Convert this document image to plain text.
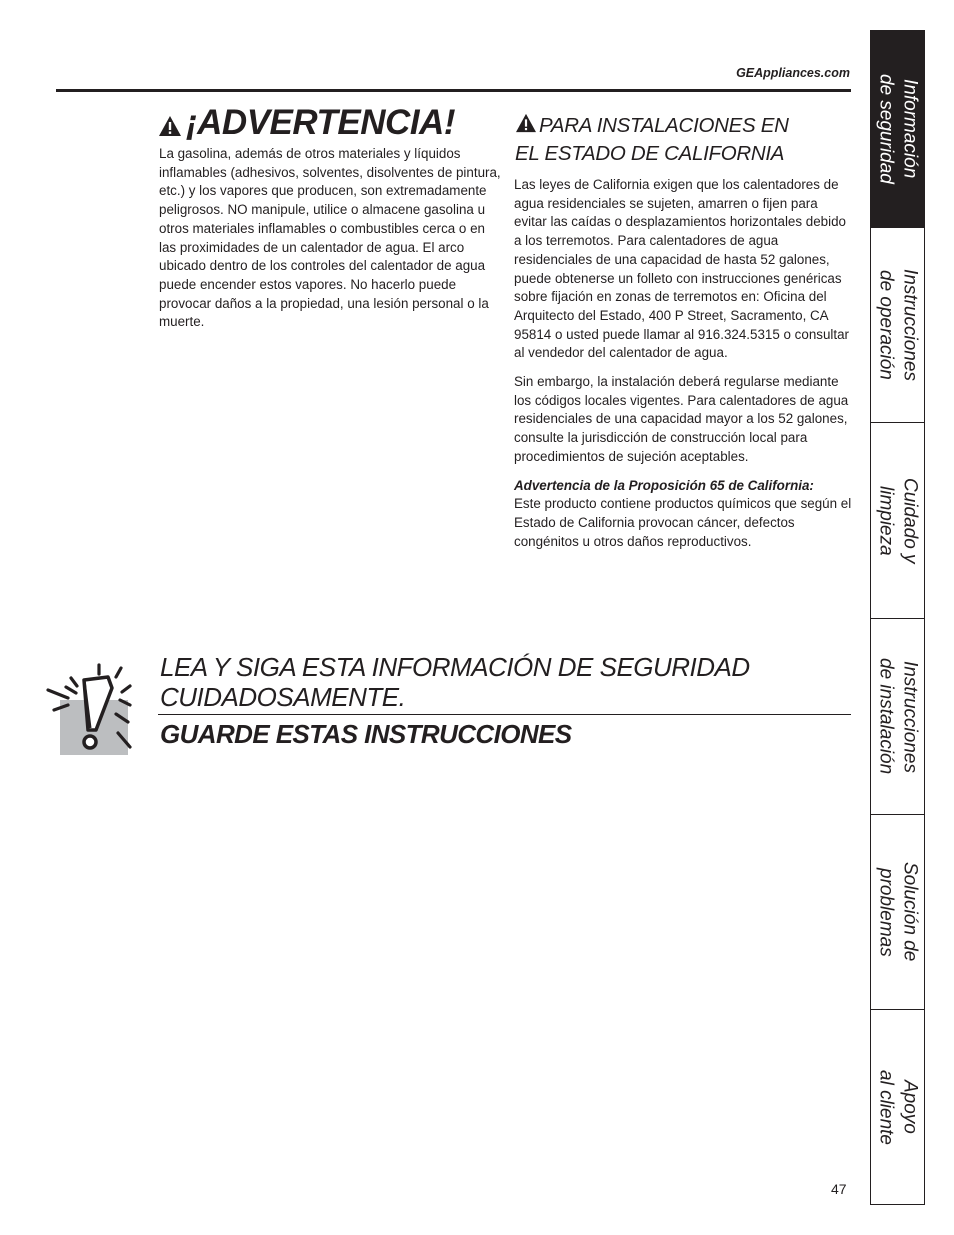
GEAppliances.com
¡ADVERTENCIA!
La gasolina, además de otros materiales y líquidos inflamables (adhesivos, solventes, disolventes de pintura, etc.) y los vapores que producen, son extremadamente peligrosos. NO manipule, utilice o almacene gasolina u otros materiales inflamables o combustibles cerca o en las proximidades de un calentador de agua. El arco ubicado dentro de los controles del calentador de agua puede encender estos vapores. No hacerlo puede provocar daños a la propiedad, una lesión personal o la muerte.
PARA INSTALACIONES EN
EL ESTADO DE CALIFORNIA

Las leyes de California exigen que los calentadores de agua residenciales se sujeten, amarren o fijen para evitar las caídas o desplazamientos horizontales debido a los terremotos. Para calentadores de agua residenciales de una capacidad de hasta 52 galones, puede obtenerse un folleto con instrucciones genéricas sobre fijación en zonas de terremotos en: Oficina del Arquitecto del Estado, 400 P Street, Sacramento, CA 95814 o usted puede llamar al 916.324.5315 o consultar al vendedor del calentador de agua.

Sin embargo, la instalación deberá regularse mediante los códigos locales vigentes. Para calentadores de agua residenciales de una capacidad mayor a los 52 galones, consulte la jurisdicción de construcción local para procedimientos de sujeción aceptables.

Advertencia de la Proposición 65 de California:
Este producto contiene productos químicos que según el Estado de California provocan cáncer, defectos congénitos u otros daños reproductivos.

LEA Y SIGA ESTA INFORMACIÓN DE SEGURIDAD
CUIDADOSAMENTE.
GUARDE ESTAS INSTRUCCIONES
47
Información
de seguridad
Instrucciones
de operación
Cuidado y
limpieza
Instrucciones
de instalación
Solución de
problemas
Apoyo
al cliente
